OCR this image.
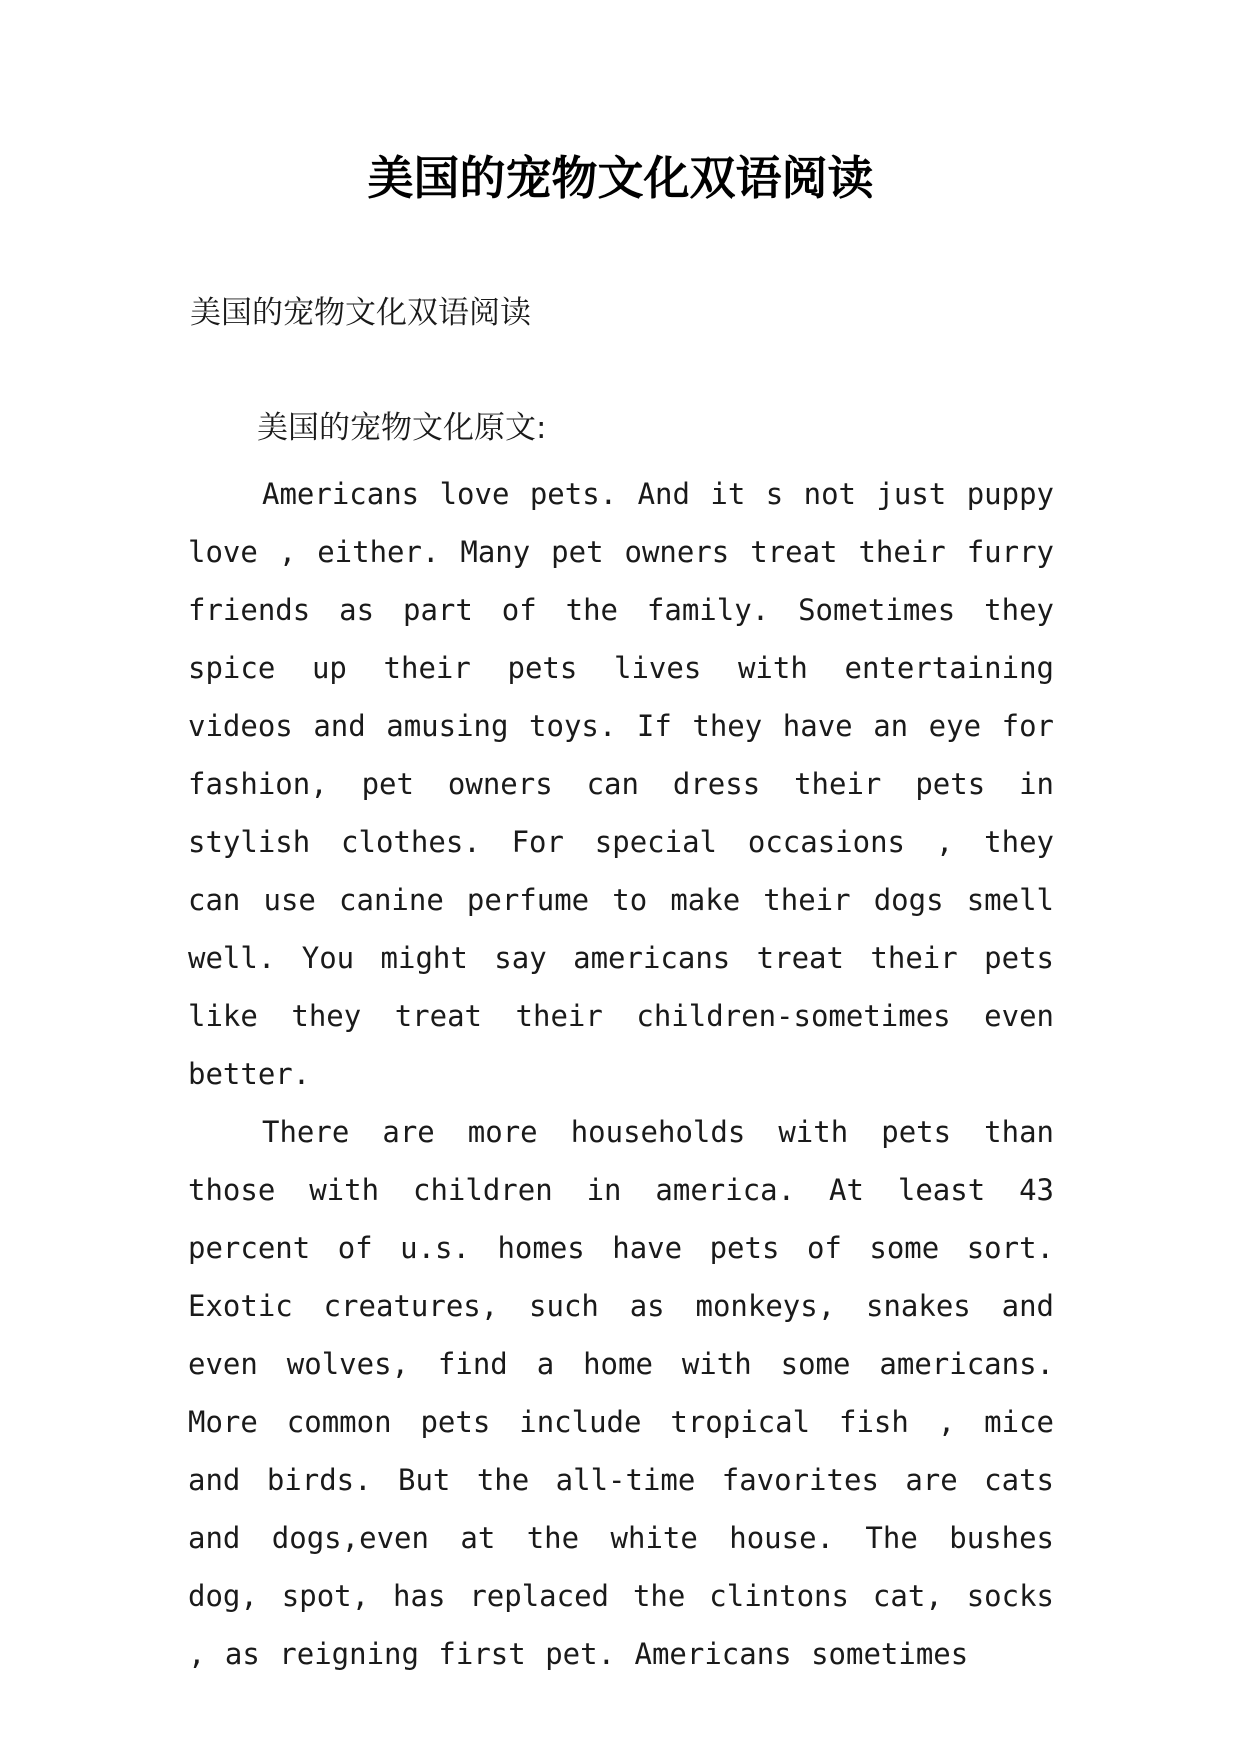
美国的宠物文化双语阅读
美国的宠物文化双语阅读
美国的宠物文化原文:

Americans love pets. And it s not just puppy love , either. Many pet owners treat their furry friends as part of the family. Sometimes they spice up their pets lives with entertaining videos and amusing toys. If they have an eye for fashion, pet owners can dress their pets in stylish clothes. For special occasions , they can use canine perfume to make their dogs smell well. You might say americans treat their pets like they treat their children-sometimes even better.

There are more households with pets than those with children in america. At least 43 percent of u.s. homes have pets of some sort. Exotic creatures, such as monkeys, snakes and even wolves, find a home with some americans. More common pets include tropical fish , mice and birds. But the all-time favorites are cats and dogs,even at the white house. The bushes dog, spot, has replaced the clintons cat, socks , as reigning first pet. Americans sometimes
